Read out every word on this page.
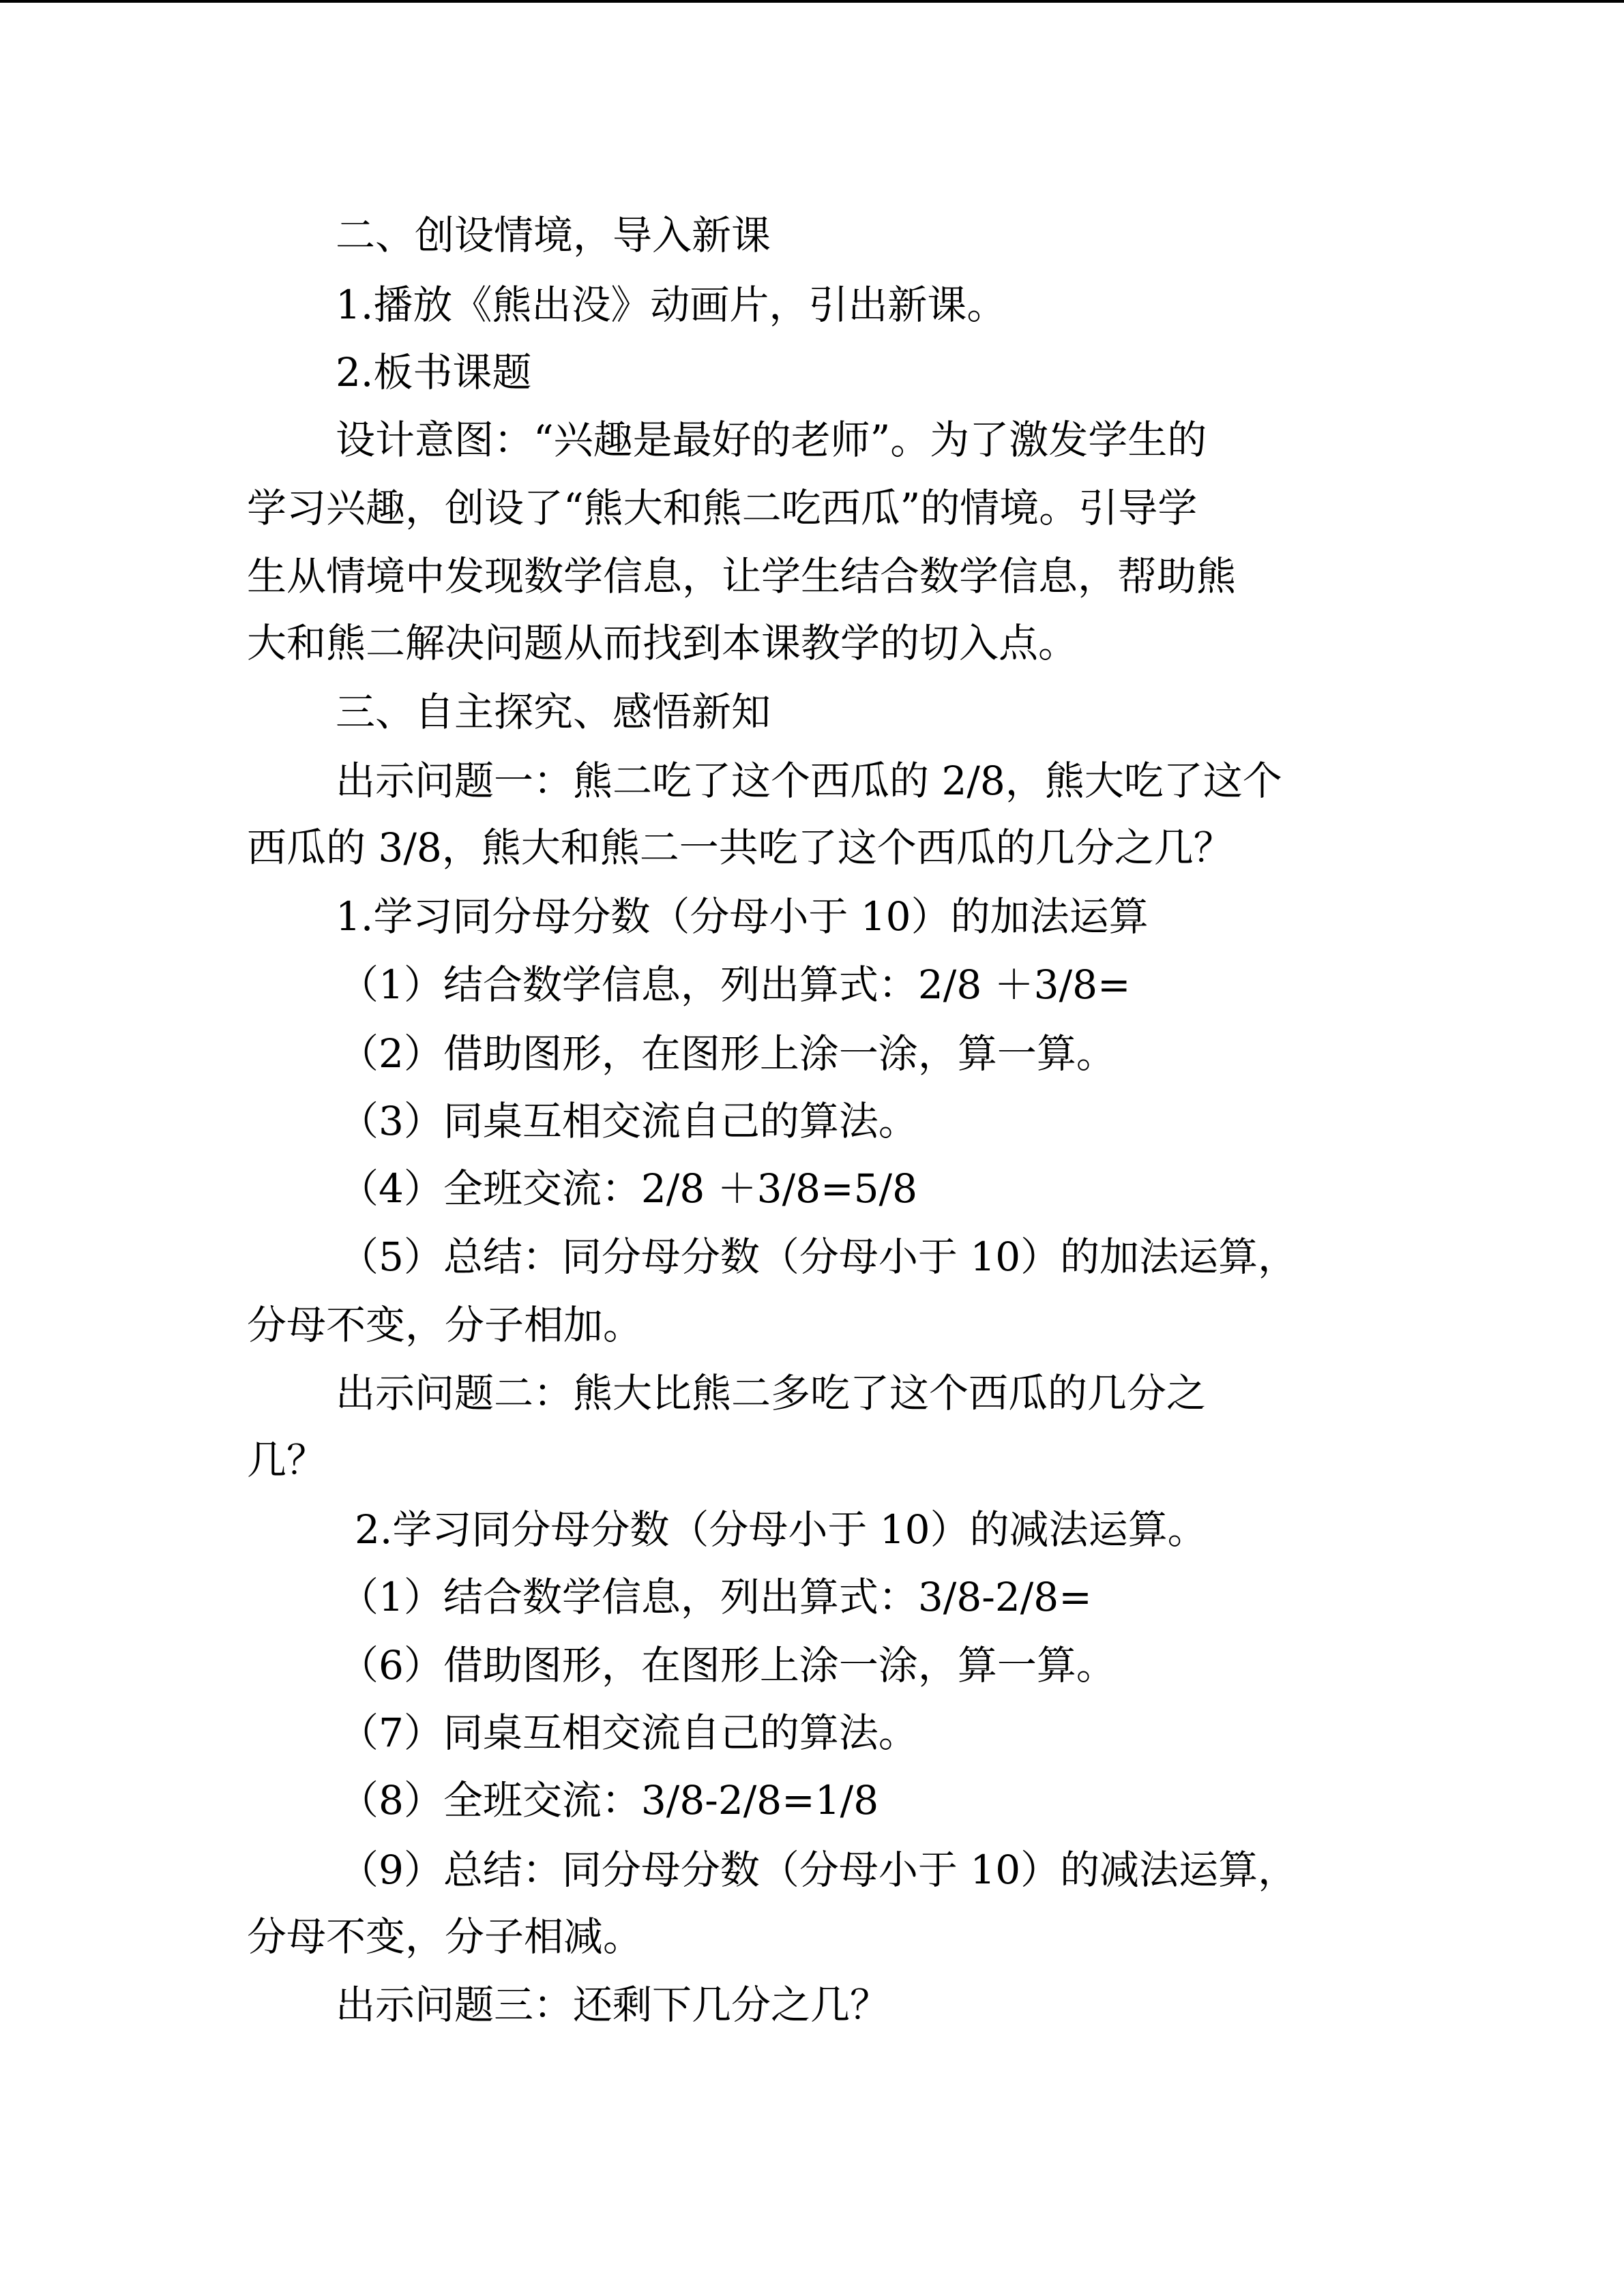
二、创设情境，导入新课
1.播放《熊出没》动画片，引出新课。
2.板书课题
设计意图：“兴趣是最好的老师”。为了激发学生的
学习兴趣，创设了“熊大和熊二吃西瓜”的情境。引导学
生从情境中发现数学信息，让学生结合数学信息，帮助熊
大和熊二解决问题从而找到本课教学的切入点。
三、自主探究、感悟新知
出示问题一：熊二吃了这个西瓜的 2/8，熊大吃了这个
西瓜的 3/8，熊大和熊二一共吃了这个西瓜的几分之几？
1.学习同分母分数（分母小于 10）的加法运算
（1）结合数学信息，列出算式：2/8 ＋3/8=
（2）借助图形，在图形上涂一涂，算一算。
（3）同桌互相交流自己的算法。
（4）全班交流：2/8 ＋3/8=5/8
（5）总结：同分母分数（分母小于 10）的加法运算，
分母不变，分子相加。
出示问题二：熊大比熊二多吃了这个西瓜的几分之
几？
2.学习同分母分数（分母小于 10）的减法运算。
（1）结合数学信息，列出算式：3/8-2/8=
（6）借助图形，在图形上涂一涂，算一算。
（7）同桌互相交流自己的算法。
（8）全班交流：3/8-2/8=1/8
（9）总结：同分母分数（分母小于 10）的减法运算，
分母不变，分子相减。
出示问题三：还剩下几分之几？
